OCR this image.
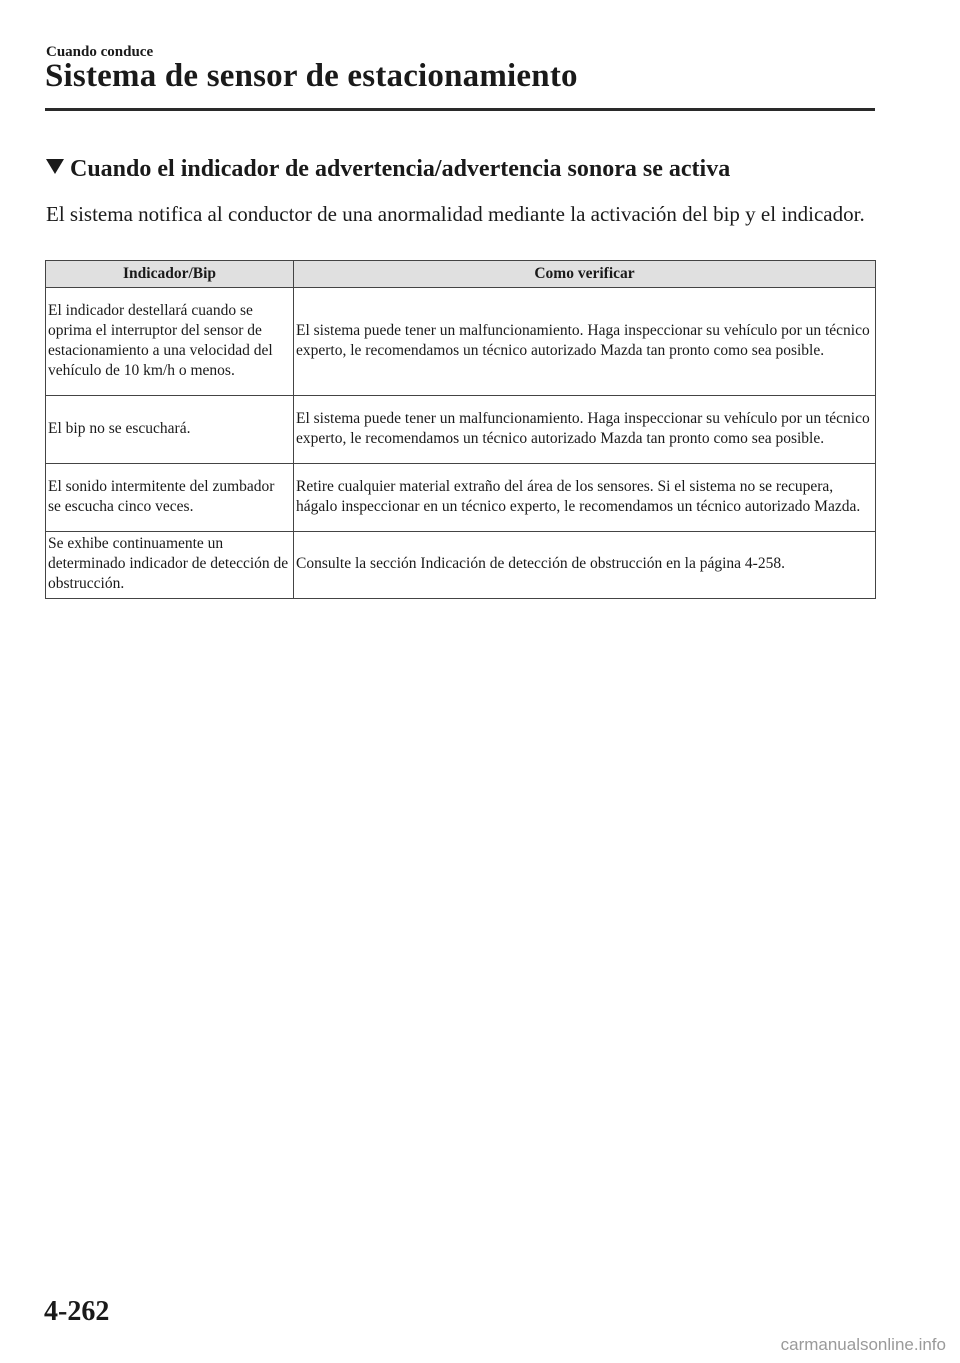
Cuando conduce
Sistema de sensor de estacionamiento
Cuando el indicador de advertencia/advertencia sonora se activa
El sistema notifica al conductor de una anormalidad mediante la activación del bip y el indicador.
Indicador/Bip	Como verificar
El indicador destellará cuando se oprima el interruptor del sensor de estacionamiento a una velocidad del vehículo de 10 km/h o menos.	El sistema puede tener un malfuncionamiento. Haga inspeccionar su vehículo por un técnico experto, le recomendamos un técnico autorizado Mazda tan pronto como sea posible.
El bip no se escuchará.	El sistema puede tener un malfuncionamiento. Haga inspeccionar su vehículo por un técnico experto, le recomendamos un técnico autorizado Mazda tan pronto como sea posible.
El sonido intermitente del zumbador se escucha cinco veces.	Retire cualquier material extraño del área de los sensores. Si el sistema no se recupera, hágalo inspeccionar en un técnico experto, le recomendamos un técnico autorizado Mazda.
Se exhibe continuamente un determinado indicador de detección de obstrucción.	Consulte la sección Indicación de detección de obstrucción en la página 4-258.
4-262
carmanualsonline.info
